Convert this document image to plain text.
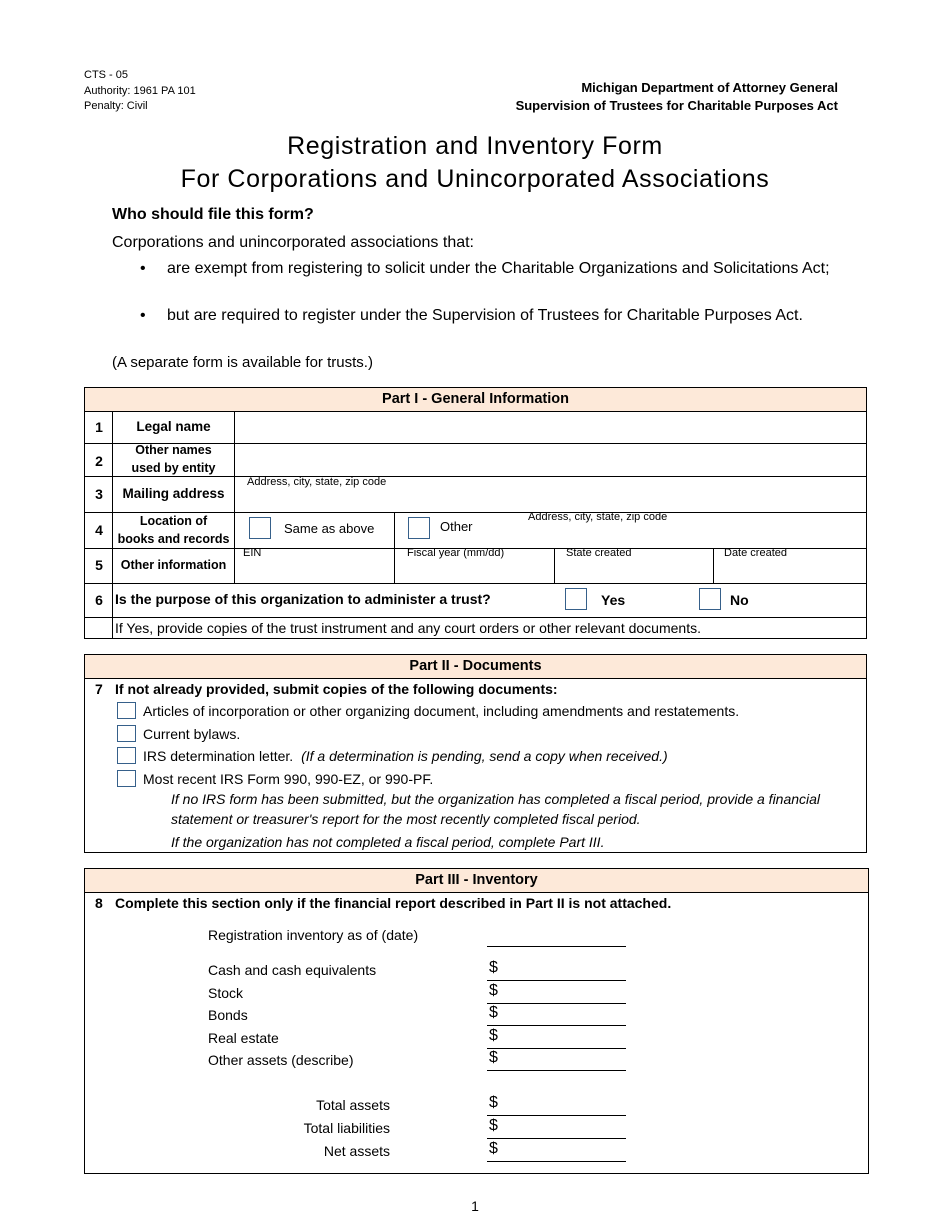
CTS - 05
Authority: 1961 PA 101
Penalty: Civil
Michigan Department of Attorney General
Supervision of Trustees for Charitable Purposes Act
Registration and Inventory Form
For Corporations and Unincorporated Associations
Who should file this form?
Corporations and unincorporated associations that:
• are exempt from registering to solicit under the Charitable Organizations and Solicitations Act;
• but are required to register under the Supervision of Trustees for Charitable Purposes Act.
(A separate form is available for trusts.)
Part I - General Information
1	Legal name
2
Other names
used by entity
3	Mailing address
Address, city, state, zip code
4
Location of
books and records
Same as above	Other
Address, city, state, zip code
5	Other information
EIN	Fiscal year (mm/dd)	State created	Date created
6 Is the purpose of this organization to administer a trust?	Yes	No
If Yes, provide copies of the trust instrument and any court orders or other relevant documents.
Part II - Documents
7 If not already provided, submit copies of the following documents:
Articles of incorporation or other organizing document, including amendments and restatements.
Current bylaws.
IRS determination letter. (If a determination is pending, send a copy when received.)
Most recent IRS Form 990, 990-EZ, or 990-PF.
If no IRS form has been submitted, but the organization has completed a fiscal period, provide a financial
statement or treasurer's report for the most recently completed fiscal period.
If the organization has not completed a fiscal period, complete Part III.
Part III - Inventory
8 Complete this section only if the financial report described in Part II is not attached.
Registration inventory as of (date)
Cash and cash equivalents	$
Stock	$
Bonds	$
Real estate	$
Other assets (describe)	$
Total assets	$
Total liabilities	$
Net assets	$
1
